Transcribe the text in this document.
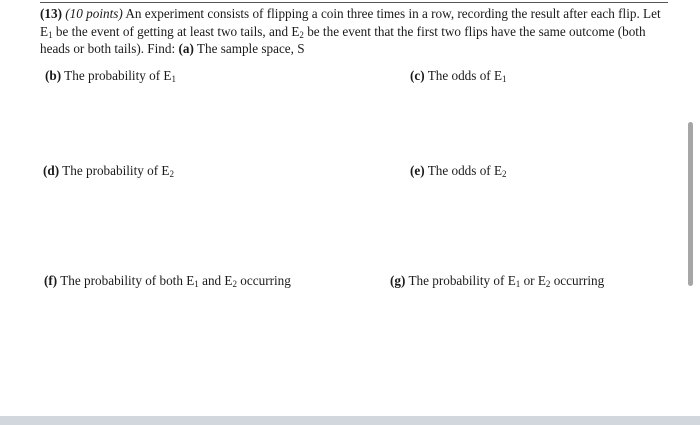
(13) (10 points) An experiment consists of flipping a coin three times in a row, recording the result after each flip. Let $E_1$ be the event of getting at least two tails, and $E_2$ be the event that the first two flips have the same outcome (both heads or both tails). Find: (a) The sample space, S
(b) The probability of $E_1$	(c) The odds of $E_1$
(d) The probability of $E_2$	(e) The odds of $E_2$
(f) The probability of both $E_1$ and $E_2$ occurring	(g) The probability of $E_1$ or $E_2$ occurring
